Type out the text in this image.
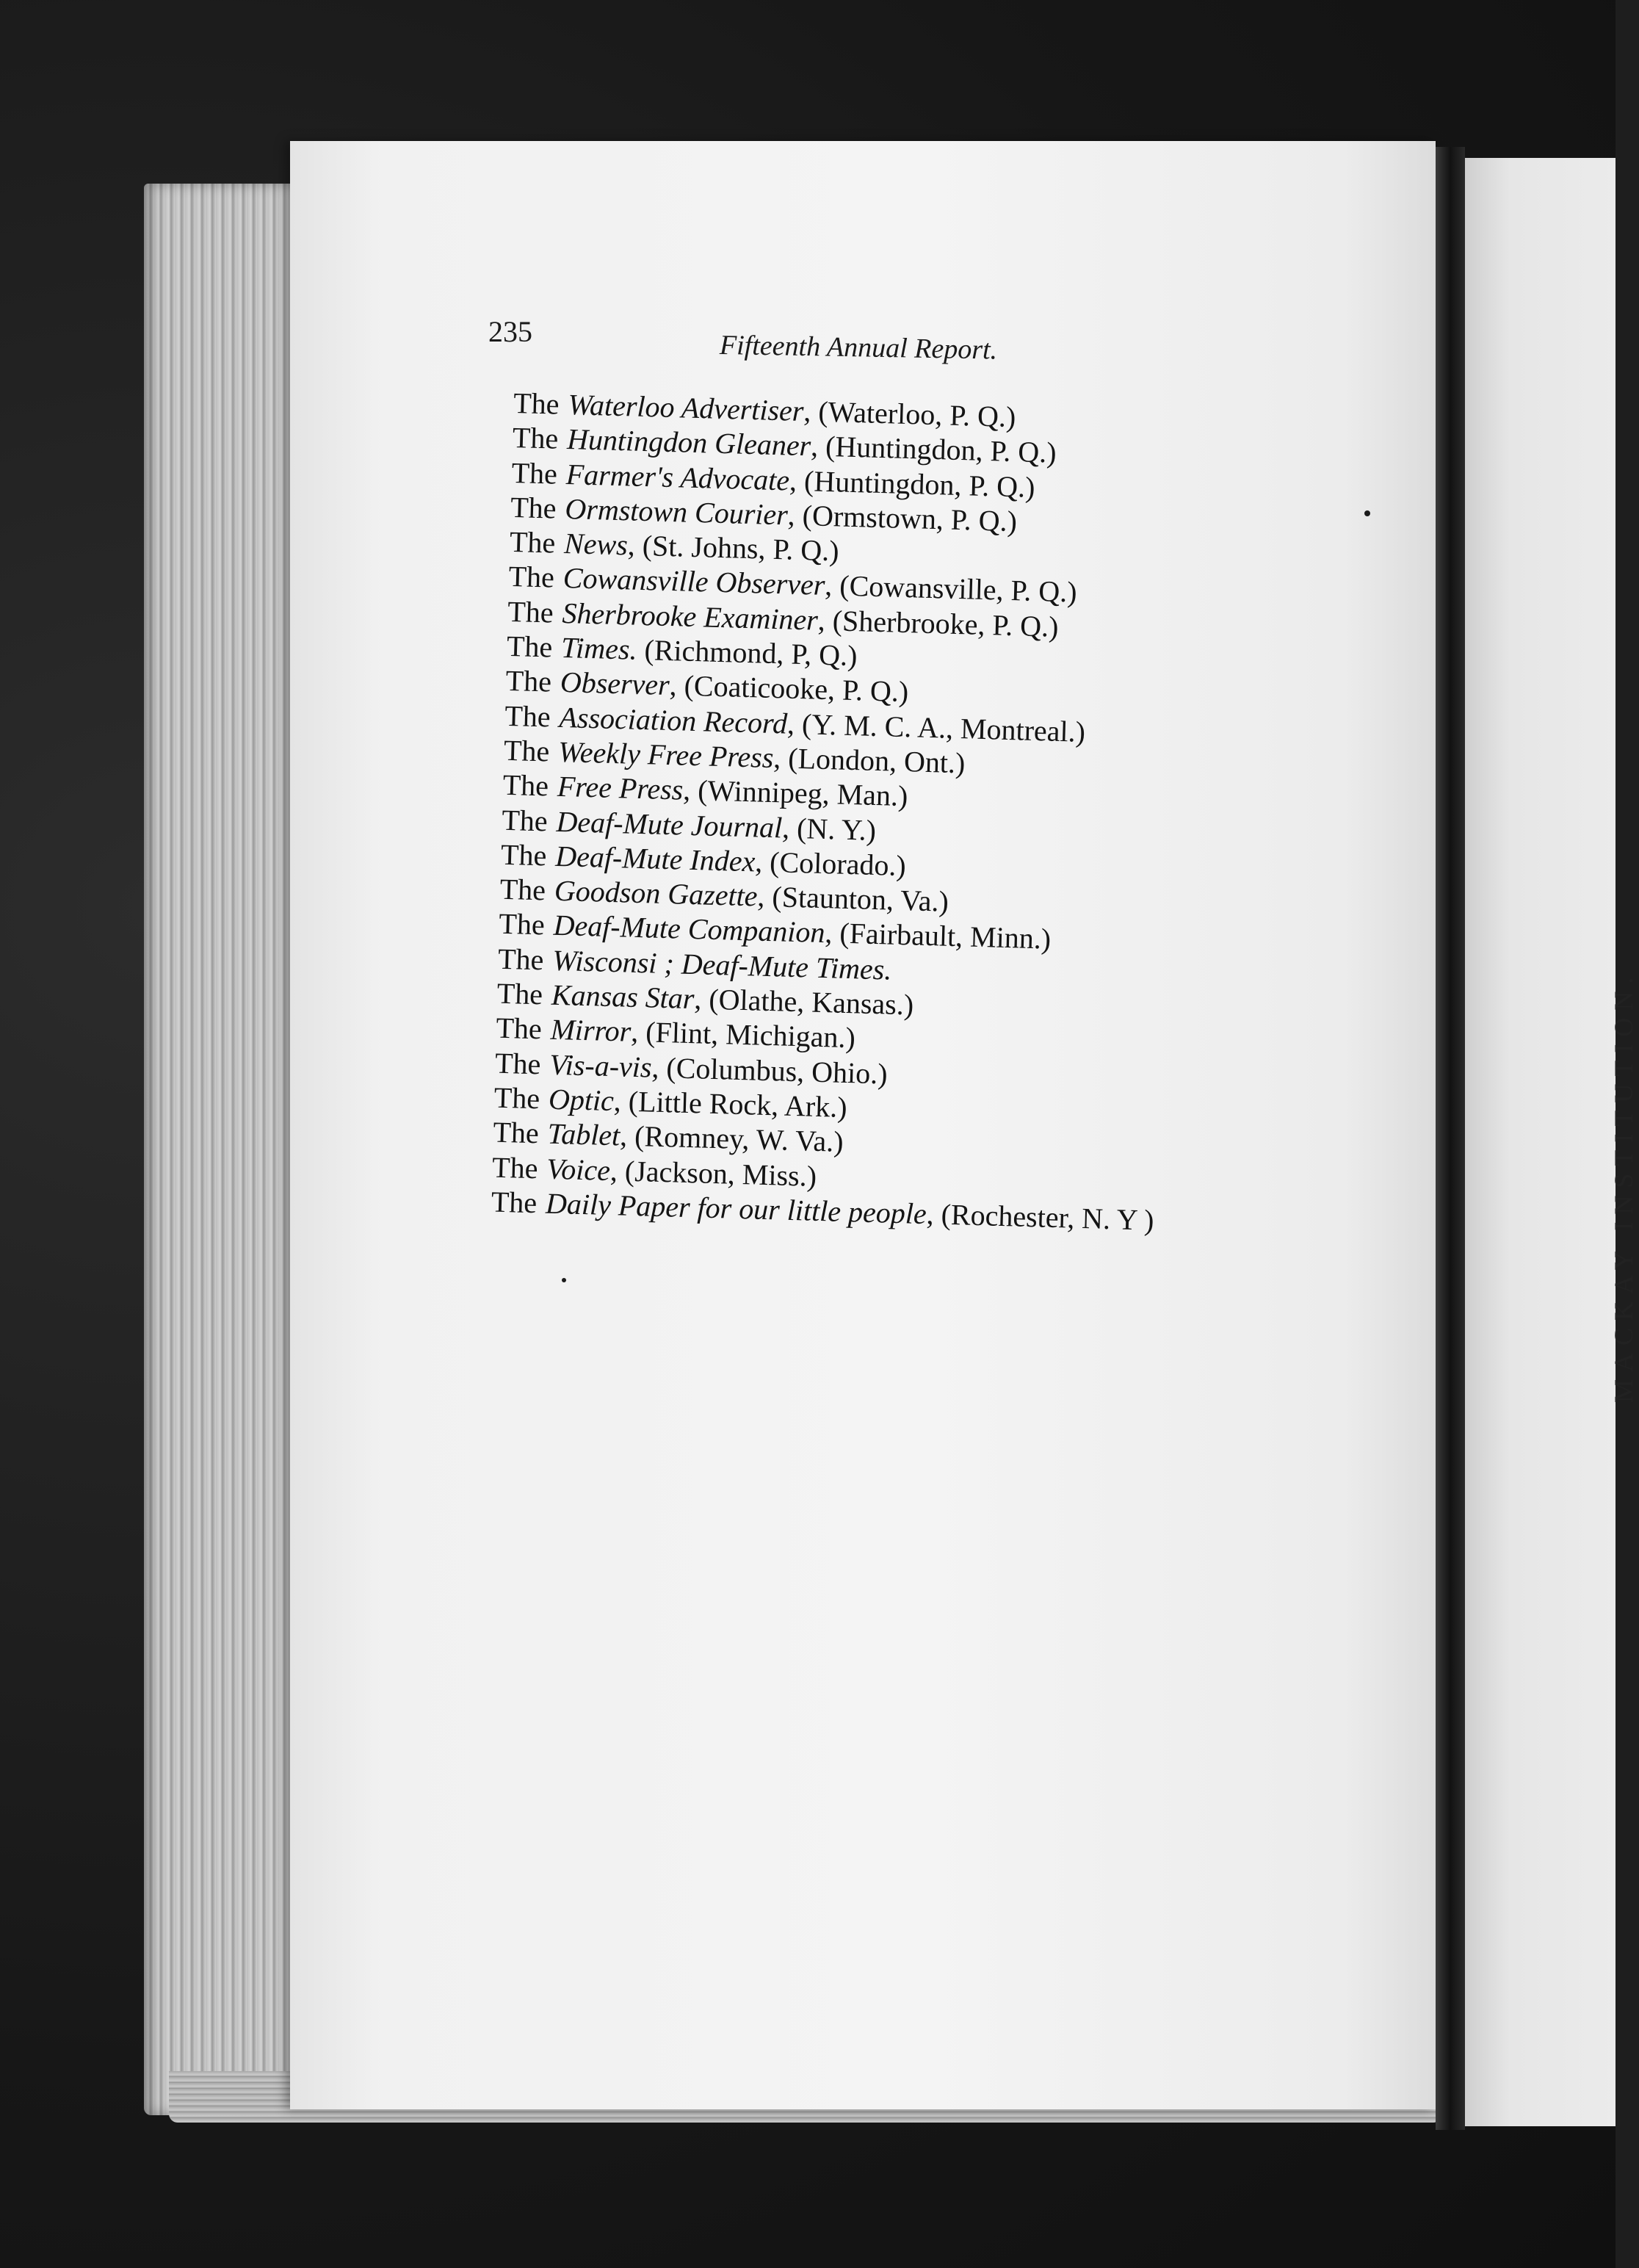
MACKAY INSTITUTION.
235	Fifteenth Annual Report.
The Waterloo Advertiser, (Waterloo, P. Q.)
The Huntingdon Gleaner, (Huntingdon, P. Q.)
The Farmer's Advocate, (Huntingdon, P. Q.)
The Ormstown Courier, (Ormstown, P. Q.)
The News, (St. Johns, P. Q.)
The Cowansville Observer, (Cowansville, P. Q.)
The Sherbrooke Examiner, (Sherbrooke, P. Q.)
The Times. (Richmond, P, Q.)
The Observer, (Coaticooke, P. Q.)
The Association Record, (Y. M. C. A., Montreal.)
The Weekly Free Press, (London, Ont.)
The Free Press, (Winnipeg, Man.)
The Deaf-Mute Journal, (N. Y.)
The Deaf-Mute Index, (Colorado.)
The Goodson Gazette, (Staunton, Va.)
The Deaf-Mute Companion, (Fairbault, Minn.)
The Wisconsi ; Deaf-Mute Times.
The Kansas Star, (Olathe, Kansas.)
The Mirror, (Flint, Michigan.)
The Vis-a-vis, (Columbus, Ohio.)
The Optic, (Little Rock, Ark.)
The Tablet, (Romney, W. Va.)
The Voice, (Jackson, Miss.)
The Daily Paper for our little people, (Rochester, N. Y )
